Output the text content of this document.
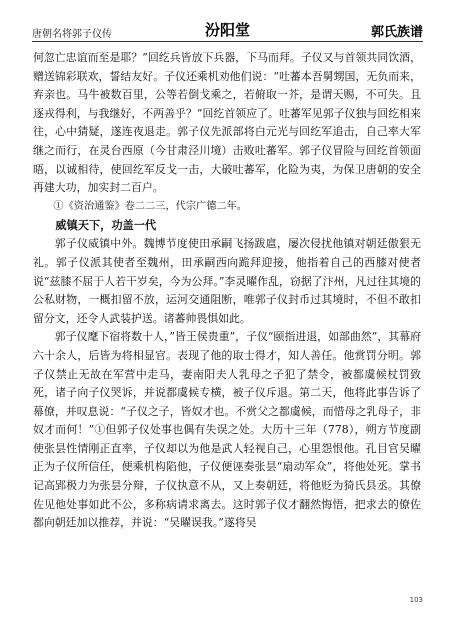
唐朝名将郭子仪传	汾阳堂	郭氏族谱

何忽亡忠谊而至是耶？”回纥兵皆放下兵器，下马而拜。子仪又与首领共同饮酒，赠送锦彩联欢，誓结友好。子仪还乘机劝他们说：“吐蕃本吾舅甥国，无负而来，弃亲也。马牛被数百里，公等若倒戈乘之，若俯取一芥，是谓天赐，不可失。且逐戎得利，与我继好，不两善乎？”回纥首领应了。吐蕃军见郭子仪独与回纥相来往，心中猜疑，遂连夜退走。郭子仪先派部将白元光与回纥军追击，自己率大军继之而行，在灵台西原（今甘肃泾川境）击败吐蕃军。郭子仪冒险与回纥首领面晤，以诚相待，使回纥军反戈一击，大破吐蕃军，化险为夷，为保卫唐朝的安全再建大功，加实封二百户。

①《资治通鉴》卷二二三，代宗广德二年。

威镇天下，功盖一代

郭子仪威镇中外。魏博节度使田承嗣飞扬跋扈，屡次侵扰他镇对朝廷傲狠无礼。郭子仪派其使者至魏州，田承嗣西向跪拜迎接，他指着自己的西膝对使者说“兹膝不屈于人若干岁矣，今为公拜。”李灵曜作乱，窃据了汴州，凡过往其境的公私财物，一概扣留不放，运河交通阻断，唯郭子仪封币过其境时，不但不敢扣留分文，还令人武装护送。诸蕃帅畏惧如此。

郭子仪麾下宿将数十人，”皆王侯贵重”，子仪“颐指进退，如部曲然”，其幕府六十余人，后皆为将相显官。表现了他的取士得才，知人善任。他赏罚分明。郭子仪禁止无故在军营中走马，妻南阳夫人乳母之子犯了禁令，被都虞候杖罚致死，诸子向子仪哭诉，并说都虞候专横，被子仪斥退。第二天，他将此事告诉了幕僚，并叹息说：“子仪之子，皆奴才也。不赏父之都虞候，而惜母之乳母子，非奴才而何！”①但郭子仪处事也偶有失误之处。大历十三年（778），朔方节度副使张昙性情刚正直率，子仪却以为他是武人轻视自己，心里怨恨他。孔目官吴曜正为子仪所信任，便乘机构陷他，子仪便诬奏张昙“扇动军众”，将他处死。掌书记高郢极力为张昙分辩，子仪执意不从，又上奏朝廷，将他贬为猗氏县丞。其僚佐见他处事如此不公，多称病请求离去。这时郭子仪才翻然悔悟，把求去的僚佐都向朝廷加以推荐，并说：“吴曜误我。”遂将吴

103
